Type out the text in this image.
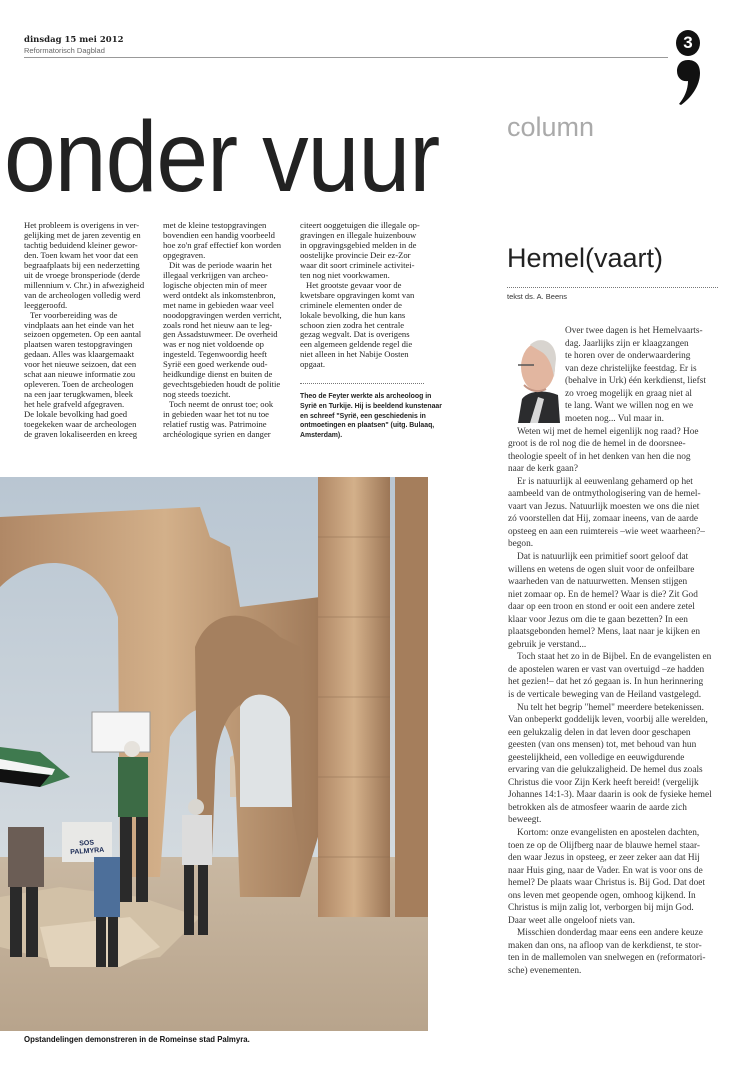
dinsdag 15 mei 2012
Reformatorisch Dagblad	3
onder vuur
Het probleem is overigens in ver-
gelijking met de jaren zeventig en
tachtig beduidend kleiner gewor-
den. Toen kwam het voor dat een
begraafplaats bij een nederzetting
uit de vroege bronsperiode (derde
millennium v. Chr.) in afwezigheid
van de archeologen volledig werd
leeggeroofd.
Ter voorbereiding was de
vindplaats aan het einde van het
seizoen opgemeten. Op een aantal
plaatsen waren testopgravingen
gedaan. Alles was klaargemaakt
voor het nieuwe seizoen, dat een
schat aan nieuwe informatie zou
opleveren. Toen de archeologen
na een jaar terugkwamen, bleek
het hele grafveld afgegraven.
De lokale bevolking had goed
toegekeken waar de archeologen
de graven lokaliseerden en kreeg
met de kleine testopgravingen
bovendien een handig voorbeeld
hoe zo'n graf effectief kon worden
opgegraven.
Dit was de periode waarin het
illegaal verkrijgen van archeo-
logische objecten min of meer
werd ontdekt als inkomstenbron,
met name in gebieden waar veel
noodopgravingen werden verricht,
zoals rond het nieuw aan te leg-
gen Assadstuwmeer. De overheid
was er nog niet voldoende op
ingesteld. Tegenwoordig heeft
Syrië een goed werkende oud-
heidkundige dienst en buiten de
gevechtsgebieden houdt de politie
nog steeds toezicht.
Toch neemt de onrust toe; ook
in gebieden waar het tot nu toe
relatief rustig was. Patrimoine
archéologique syrien en danger
citeert ooggetuigen die illegale op-
gravingen en illegale huizenbouw
in opgravingsgebied melden in de
oostelijke provincie Deir ez-Zor
waar dit soort criminele activitei-
ten nog niet voorkwamen.
Het grootste gevaar voor de
kwetsbare opgravingen komt van
criminele elementen onder de
lokale bevolking, die hun kans
schoon zien zodra het centrale
gezag wegvalt. Dat is overigens
een algemeen geldende regel die
niet alleen in het Nabije Oosten
opgaat.
Theo de Feyter werkte als archeoloog in
Syrië en Turkije. Hij is beeldend kunstenaar
en schreef "Syrië, een geschiedenis in
ontmoetingen en plaatsen" (uitg. Bulaaq,
Amsterdam).
column
Hemel(vaart)
tekst ds. A. Beens
Over twee dagen is het Hemelvaarts-
dag. Jaarlijks zijn er klaagzangen
te horen over de onderwaardering
van deze christelijke feestdag. Er is
(behalve in Urk) één kerkdienst, liefst
zo vroeg mogelijk en graag niet al
te lang. Want we willen nog en we
moeten nog... Vul maar in.
Weten wij met de hemel eigenlijk nog raad? Hoe
groot is de rol nog die de hemel in de doorsnee-
theologie speelt of in het denken van hen die nog
naar de kerk gaan?
Er is natuurlijk al eeuwenlang gehamerd op het
aambeeld van de ontmythologisering van de hemel-
vaart van Jezus. Natuurlijk moesten we ons die niet
zó voorstellen dat Hij, zomaar ineens, van de aarde
opsteeg en aan een ruimtereis –wie weet waarheen?–
begon.
Dat is natuurlijk een primitief soort geloof dat
willens en wetens de ogen sluit voor de onfeilbare
waarheden van de natuurwetten. Mensen stijgen
niet zomaar op. En de hemel? Waar is die? Zit God
daar op een troon en stond er ooit een andere zetel
klaar voor Jezus om die te gaan bezetten? In een
plaatsgebonden hemel? Mens, laat naar je kijken en
gebruik je verstand...
Toch staat het zo in de Bijbel. En de evangelisten en
de apostelen waren er vast van overtuigd –ze hadden
het gezien!– dat het zó gegaan is. In hun herinnering
is de verticale beweging van de Heiland vastgelegd.
Nu telt het begrip "hemel" meerdere betekenissen.
Van onbeperkt goddelijk leven, voorbij alle werelden,
een gelukzalig delen in dat leven door geschapen
geesten (van ons mensen) tot, met behoud van hun
geestelijkheid, een volledige en eeuwigdurende
ervaring van die gelukzaligheid. De hemel dus zoals
Christus die voor Zijn Kerk heeft bereid! (vergelijk
Johannes 14:1-3). Maar daarin is ook de fysieke hemel
betrokken als de atmosfeer waarin de aarde zich
beweegt.
Kortom: onze evangelisten en apostelen dachten,
toen ze op de Olijfberg naar de blauwe hemel staar-
den waar Jezus in opsteeg, er zeer zeker aan dat Hij
naar Huis ging, naar de Vader. En wat is voor ons de
hemel? De plaats waar Christus is. Bij God. Dat doet
ons leven met geopende ogen, omhoog kijkend. In
Christus is mijn zalig lot, verborgen bij mijn God.
Daar weet alle ongeloof niets van.
Misschien donderdag maar eens een andere keuze
maken dan ons, na afloop van de kerkdienst, te stor-
ten in de mallemolen van snelwegen en (reformatori-
sche) evenementen.
SOS PALMYRA
Opstandelingen demonstreren in de Romeinse stad Palmyra.
